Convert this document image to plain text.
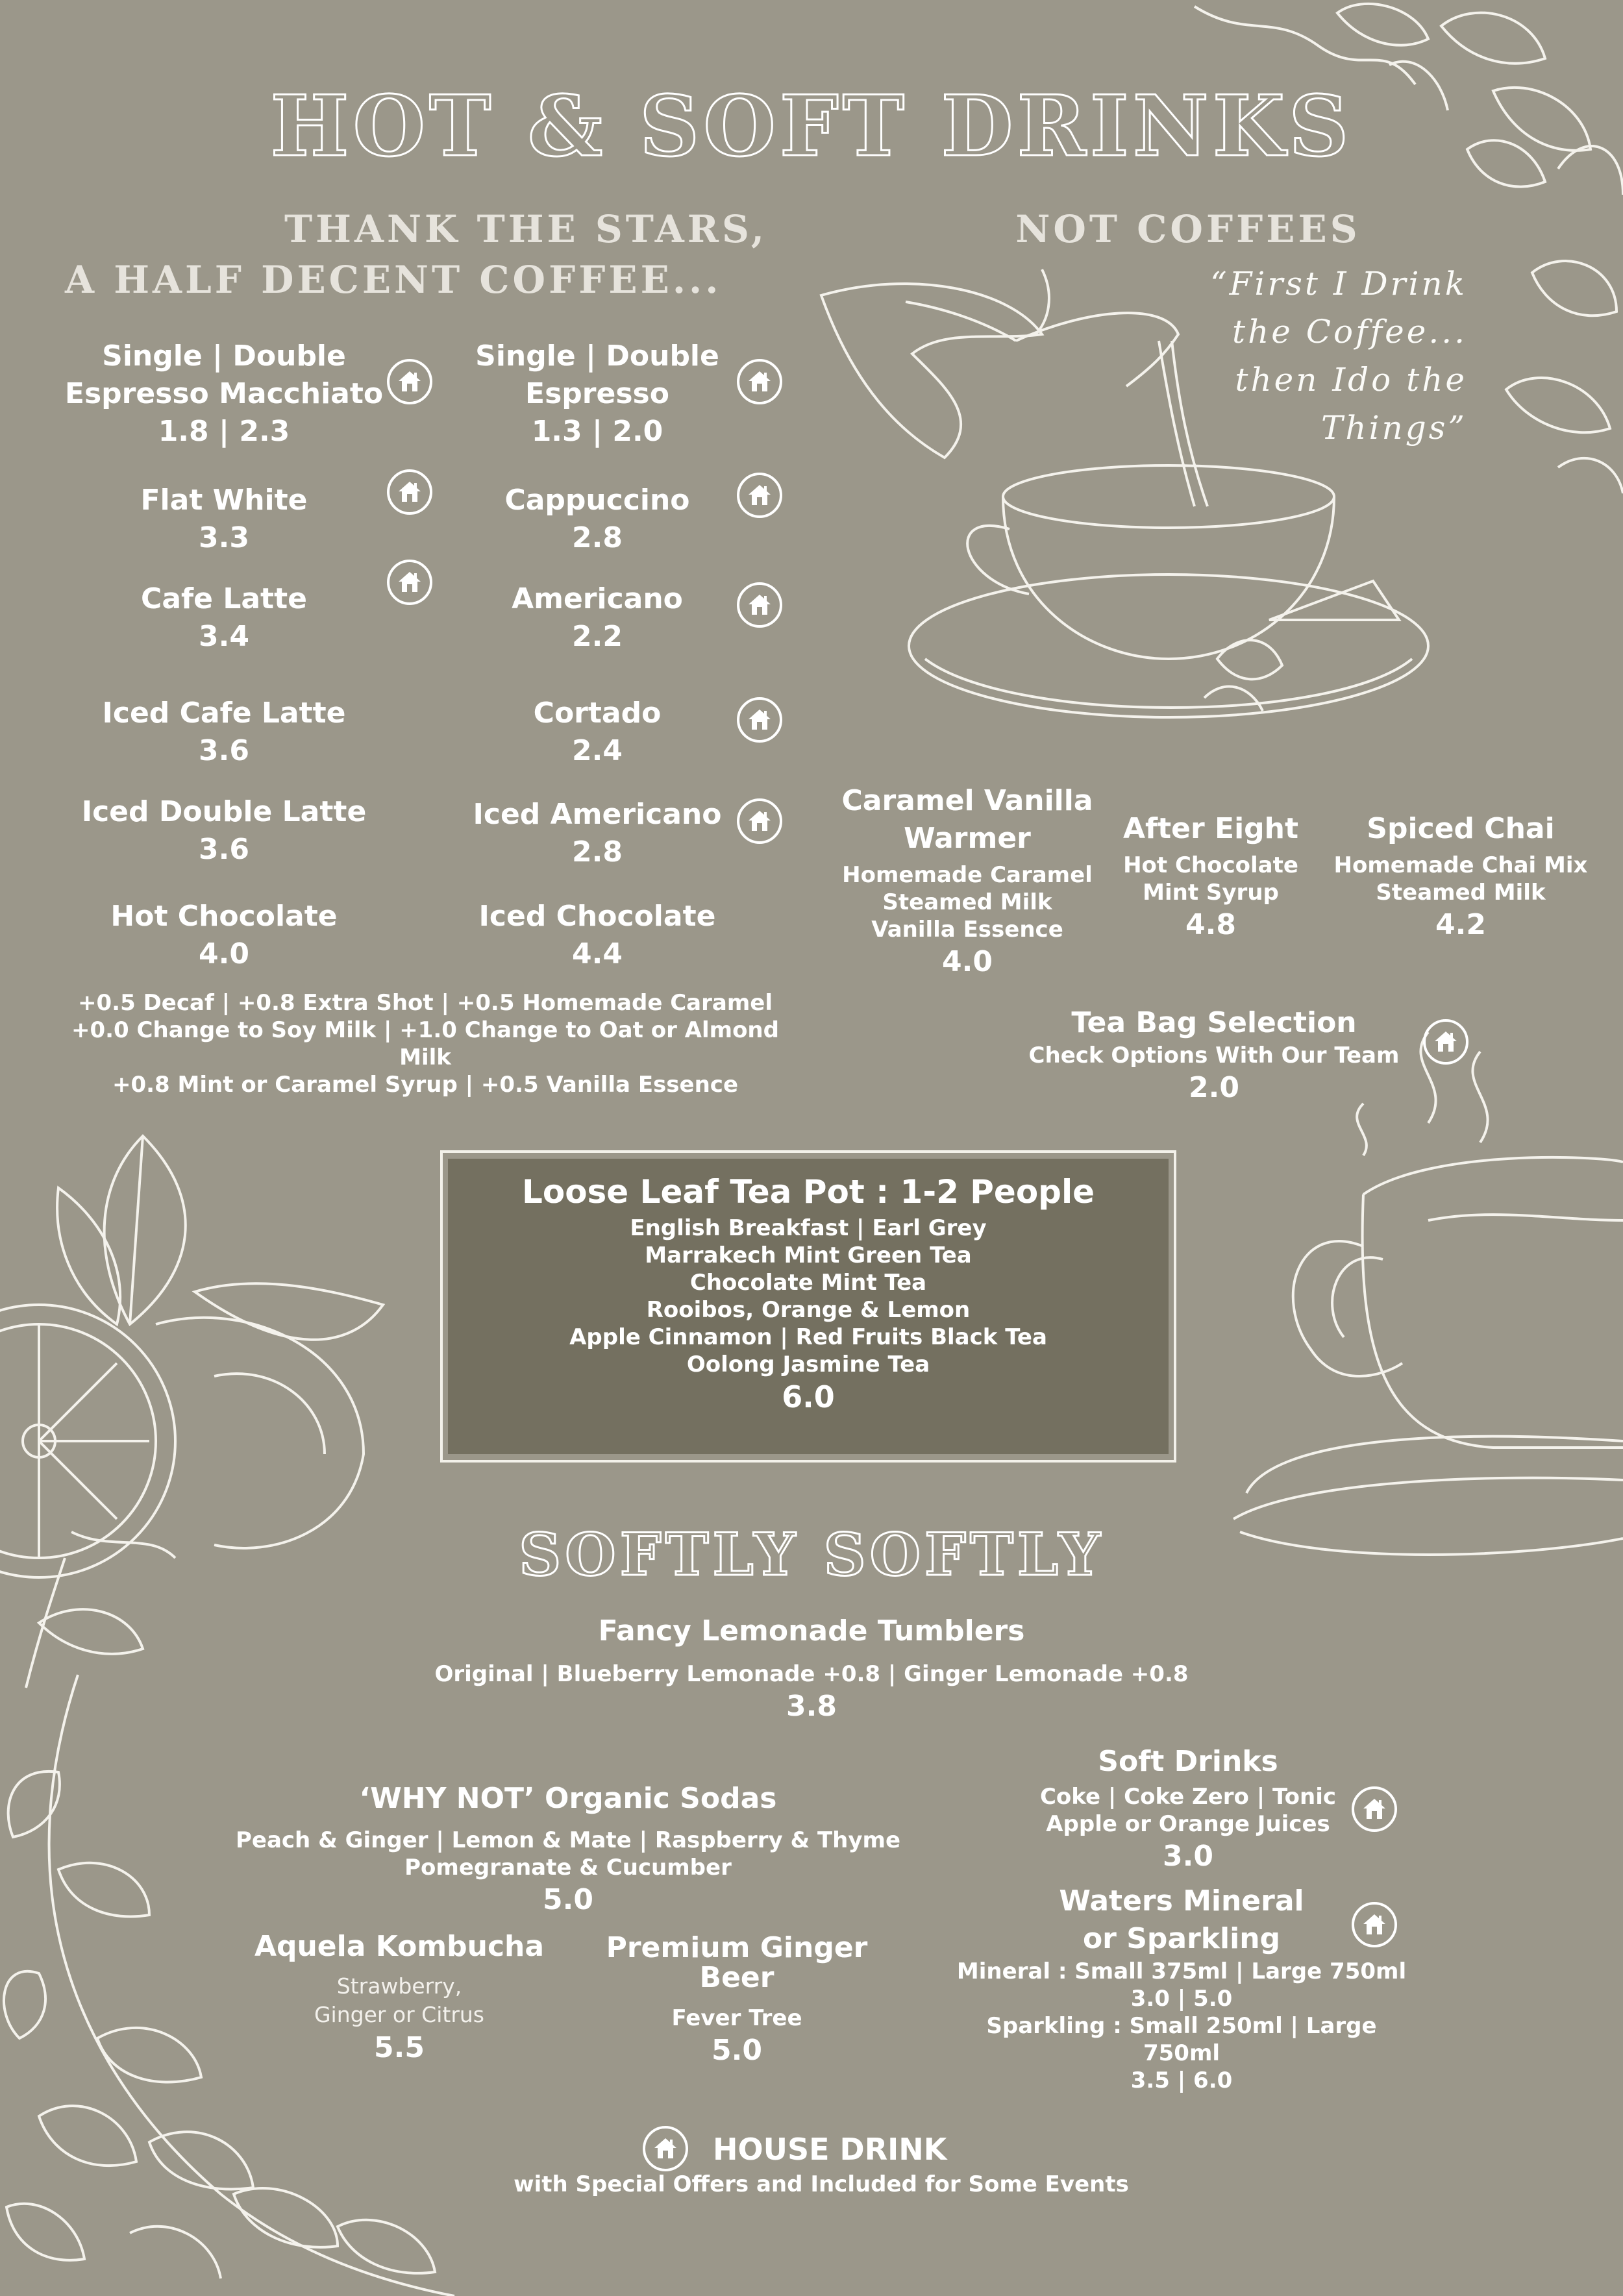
HOT & SOFT DRINKS
THANK THE STARS,
A HALF DECENT COFFEE...
NOT COFFEES
“First I Drink
the Coffee...
then Ido the
Things”
Single | Double
Espresso Macchiato
1.8 | 2.3
Single | Double
Espresso
1.3 | 2.0
Flat White
3.3
Cappuccino
2.8
Cafe Latte
3.4
Americano
2.2
Iced Cafe Latte
3.6
Cortado
2.4
Iced Double Latte
3.6
Iced Americano
2.8
Hot Chocolate
4.0
Iced Chocolate
4.4
+0.5 Decaf | +0.8 Extra Shot | +0.5 Homemade Caramel
+0.0 Change to Soy Milk | +1.0 Change to Oat or Almond Milk
+0.8 Mint or Caramel Syrup | +0.5 Vanilla Essence
Caramel Vanilla
Warmer
Homemade Caramel
Steamed Milk
Vanilla Essence
4.0
After Eight
Hot Chocolate
Mint Syrup
4.8
Spiced Chai
Homemade Chai Mix
Steamed Milk
4.2
Tea Bag Selection
Check Options With Our Team
2.0
Loose Leaf Tea Pot : 1-2 People
English Breakfast | Earl Grey
Marrakech Mint Green Tea
Chocolate Mint Tea
Rooibos, Orange & Lemon
Apple Cinnamon | Red Fruits Black Tea
Oolong Jasmine Tea
6.0
SOFTLY SOFTLY
Fancy Lemonade Tumblers
Original | Blueberry Lemonade +0.8 | Ginger Lemonade +0.8
3.8
‘WHY NOT’ Organic Sodas
Peach & Ginger | Lemon & Mate | Raspberry & Thyme
Pomegranate & Cucumber
5.0
Aquela Kombucha
Strawberry,
Ginger or Citrus
5.5
Premium Ginger
Beer
Fever Tree
5.0
Soft Drinks
Coke | Coke Zero | Tonic
Apple or Orange Juices
3.0
Waters Mineral
or Sparkling
Mineral : Small 375ml | Large 750ml
3.0 | 5.0
Sparkling : Small 250ml | Large 750ml
3.5 | 6.0
HOUSE DRINK
with Special Offers and Included for Some Events
